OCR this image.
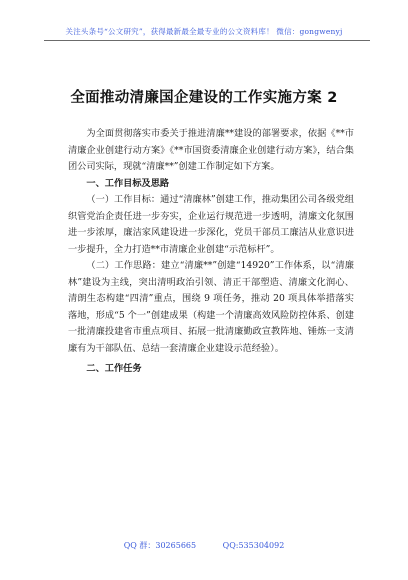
关注头条号“公文研究”，获得最新最全最专业的公文资料库！ 微信：gongwenyj
全面推动清廉国企建设的工作实施方案 2

为全面贯彻落实市委关于推进清廉**建设的部署要求，依据《**市清廉企业创建行动方案》《**市国资委清廉企业创建行动方案》，结合集团公司实际，现就“清廉**”创建工作制定如下方案。

一、工作目标及思路

（一）工作目标：通过“清廉林”创建工作，推动集团公司各级党组织管党治企责任进一步夯实，企业运行规范进一步透明，清廉文化氛围进一步浓厚，廉洁家风建设进一步深化，党员干部员工廉洁从业意识进一步提升，全力打造**市清廉企业创建“示范标杆”。

（二）工作思路：建立“清廉**”创建“14920”工作体系，以“清廉林”建设为主线，突出清明政治引领、清正干部塑造、清廉文化润心、清朗生态构建“四清”重点，围绕 9 项任务，推动 20 项具体举措落实落地，形成“5 个一”创建成果（构建一个清廉高效风险防控体系、创建一批清廉投建省市重点项目、拓展一批清廉勤政宣教阵地、锤炼一支清廉有为干部队伍、总结一套清廉企业建设示范经验）。

二、工作任务

QQ 群：30265665	QQ:535304092
